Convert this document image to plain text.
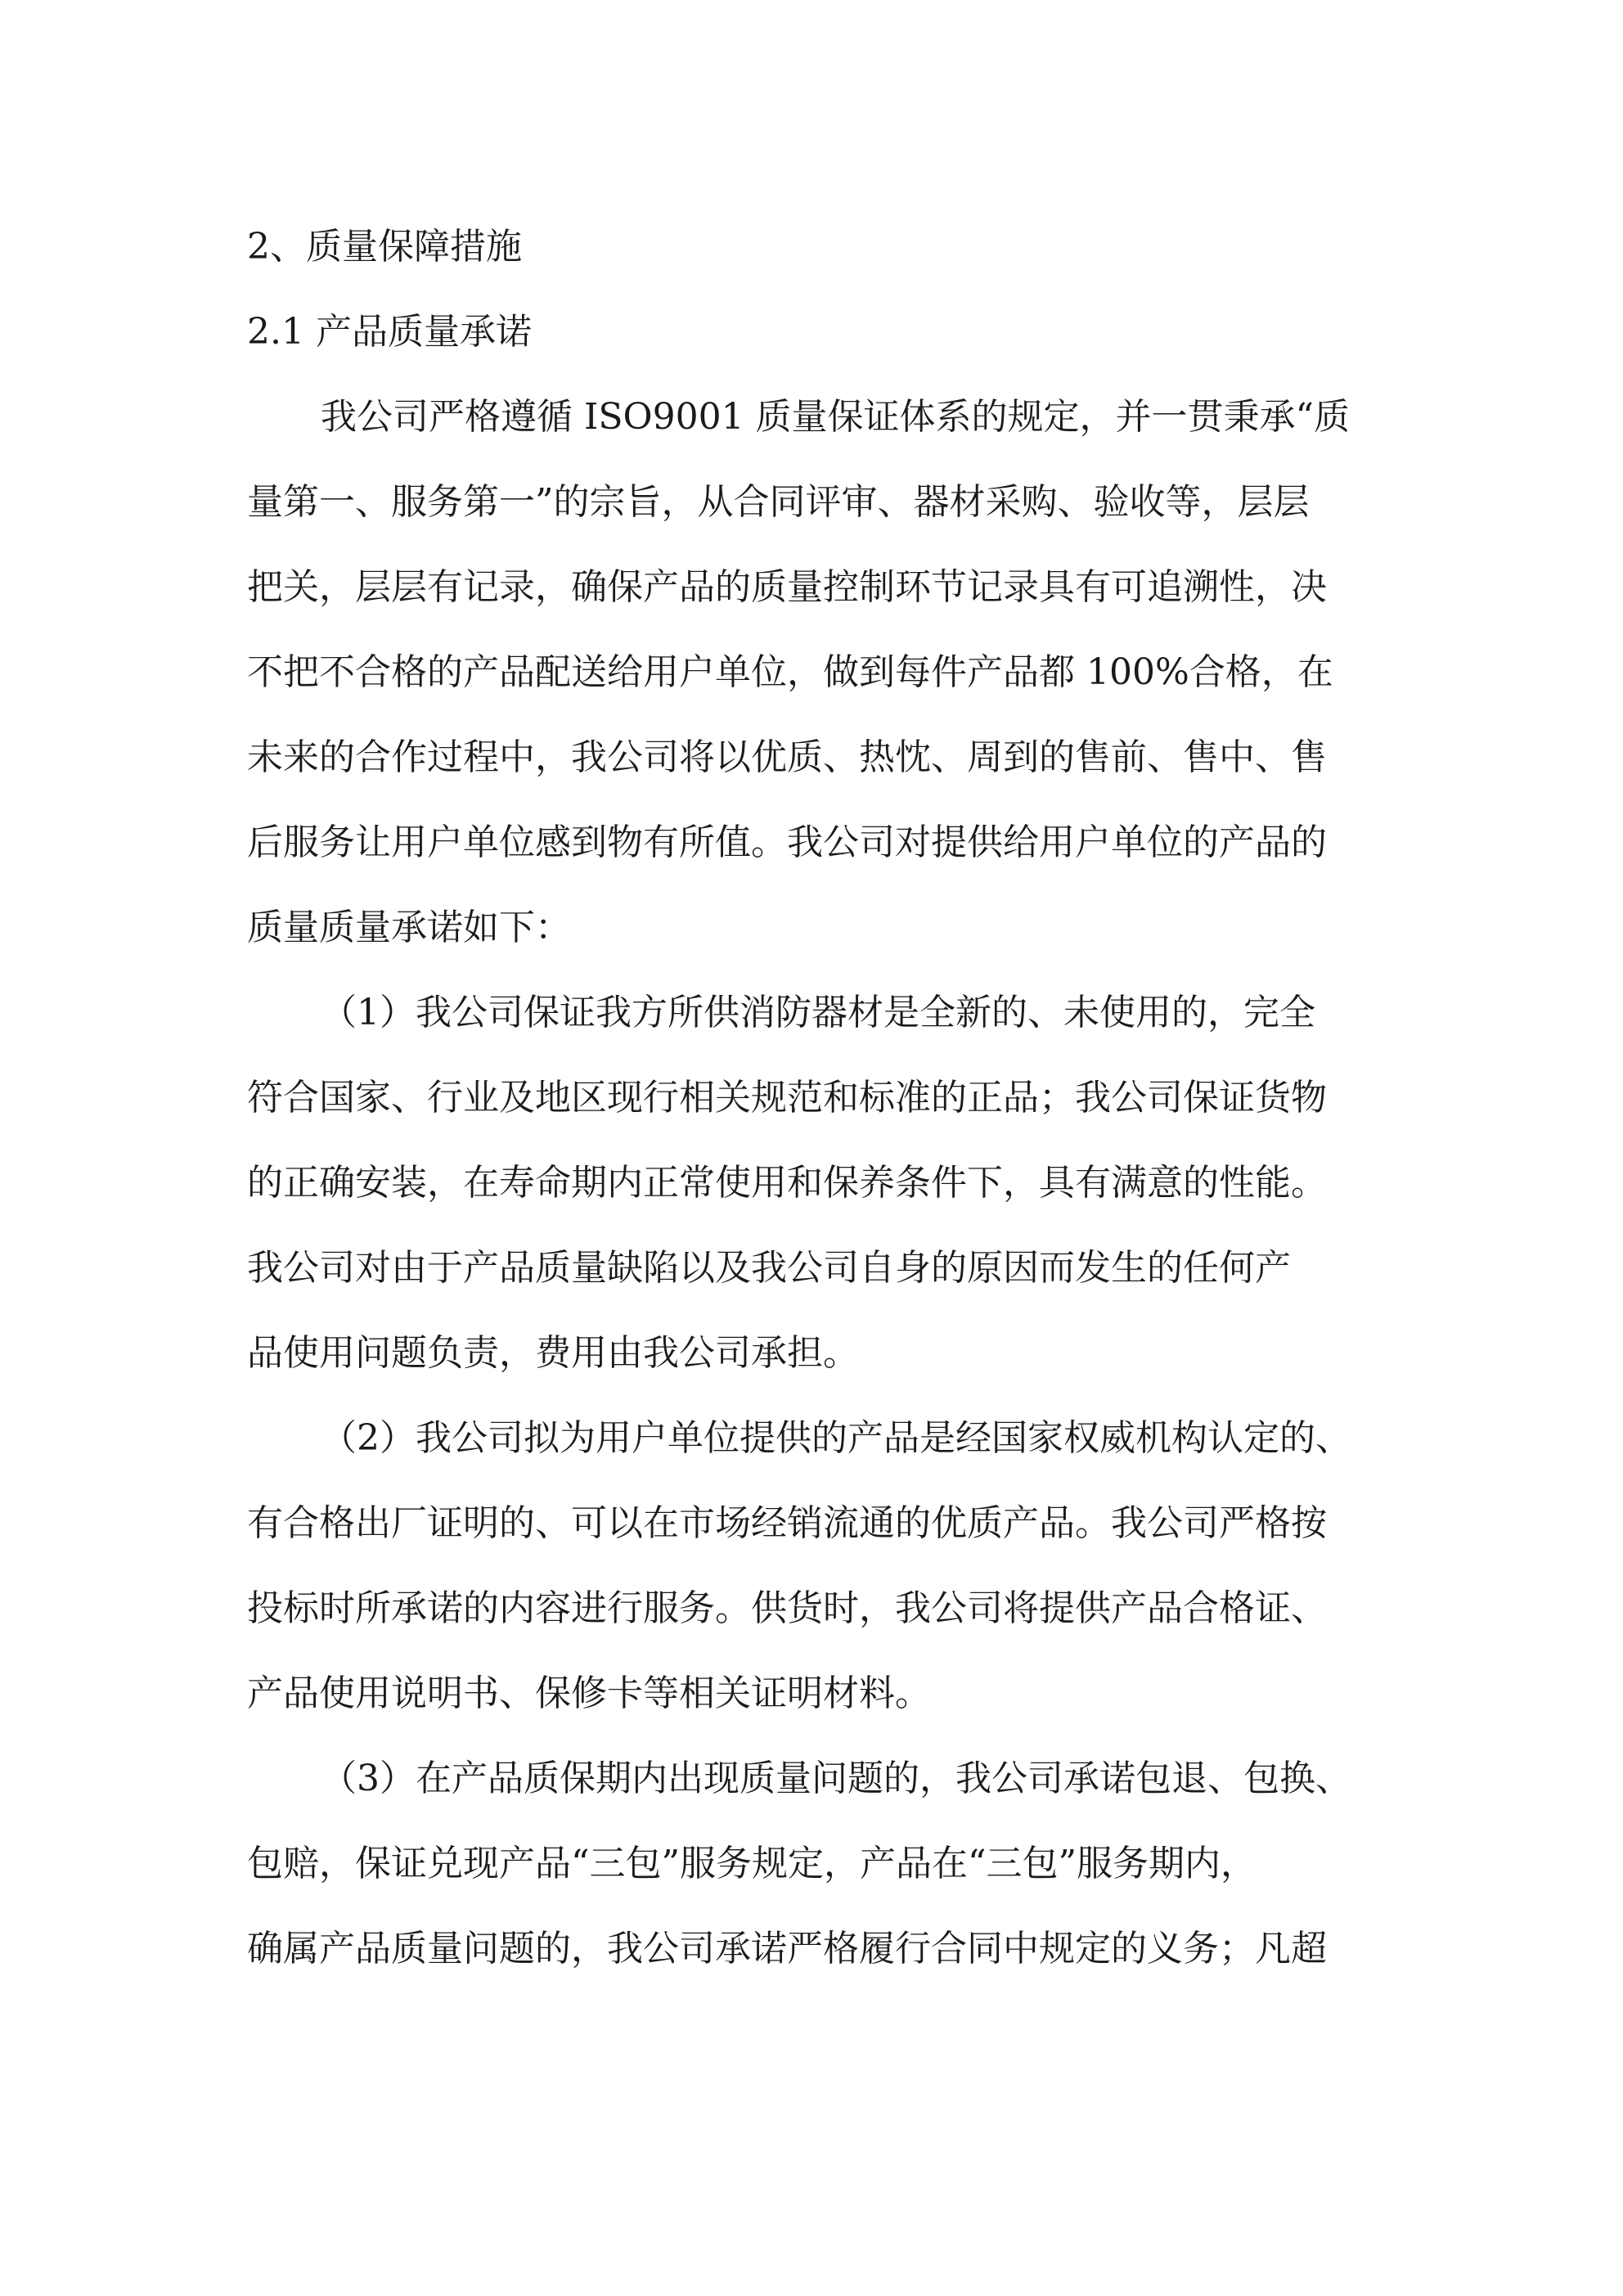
2、质量保障措施
2.1 产品质量承诺
我公司严格遵循 ISO9001 质量保证体系的规定，并一贯秉承“质
量第一、服务第一”的宗旨，从合同评审、器材采购、验收等，层层
把关，层层有记录，确保产品的质量控制环节记录具有可追溯性，决
不把不合格的产品配送给用户单位，做到每件产品都 100%合格，在
未来的合作过程中，我公司将以优质、热忱、周到的售前、售中、售
后服务让用户单位感到物有所值。我公司对提供给用户单位的产品的
质量质量承诺如下：
（1）我公司保证我方所供消防器材是全新的、未使用的，完全
符合国家、行业及地区现行相关规范和标准的正品；我公司保证货物
的正确安装，在寿命期内正常使用和保养条件下，具有满意的性能。
我公司对由于产品质量缺陷以及我公司自身的原因而发生的任何产
品使用问题负责，费用由我公司承担。
（2）我公司拟为用户单位提供的产品是经国家权威机构认定的、
有合格出厂证明的、可以在市场经销流通的优质产品。我公司严格按
投标时所承诺的内容进行服务。供货时，我公司将提供产品合格证、
产品使用说明书、保修卡等相关证明材料。
（3）在产品质保期内出现质量问题的，我公司承诺包退、包换、
包赔，保证兑现产品“三包”服务规定，产品在“三包”服务期内，
确属产品质量问题的，我公司承诺严格履行合同中规定的义务；凡超
